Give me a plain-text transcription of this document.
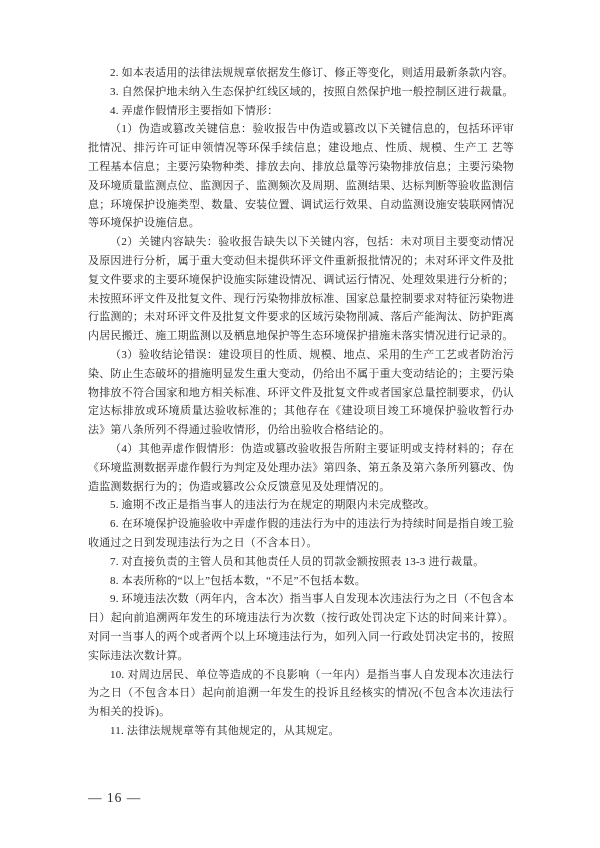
2. 如本表适用的法律法规规章依据发生修订、修正等变化，则适用最新条款内容。

3. 自然保护地未纳入生态保护红线区域的，按照自然保护地一般控制区进行裁量。

4. 弄虚作假情形主要指如下情形：

（1）伪造或篡改关键信息：验收报告中伪造或篡改以下关键信息的，包括环评审批情况、排污许可证申领情况等环保手续信息；建设地点、性质、规模、生产工 艺等工程基本信息；主要污染物种类、排放去向、排放总量等污染物排放信息；主要污染物及环境质量监测点位、监测因子、监测频次及周期、监测结果、达标判断等验收监测信息；环境保护设施类型、数量、安装位置、调试运行效果、自动监测设施安装联网情况等环境保护设施信息。

（2）关键内容缺失：验收报告缺失以下关键内容，包括：未对项目主要变动情况及原因进行分析，属于重大变动但未提供环评文件重新报批情况的；未对环评文件及批复文件要求的主要环境保护设施实际建设情况、调试运行情况、处理效果进行分析的；未按照环评文件及批复文件、现行污染物排放标准、国家总量控制要求对特征污染物进行监测的；未对环评文件及批复文件要求的区域污染物削减、落后产能淘汰、防护距离内居民搬迁、施工期监测以及栖息地保护等生态环境保护措施未落实情况进行记录的。

（3）验收结论错误：建设项目的性质、规模、地点、采用的生产工艺或者防治污染、防止生态破坏的措施明显发生重大变动，仍给出不属于重大变动结论的；主要污染物排放不符合国家和地方相关标准、环评文件及批复文件或者国家总量控制要求，仍认定达标排放或环境质量达验收标准的；其他存在《建设项目竣工环境保护验收暂行办法》第八条所列不得通过验收情形，仍给出验收合格结论的。

（4）其他弄虚作假情形：伪造或篡改验收报告所附主要证明或支持材料的；存在《环境监测数据弄虚作假行为判定及处理办法》第四条、第五条及第六条所列篡改、伪造监测数据行为的；伪造或篡改公众反馈意见及处理情况的。

5. 逾期不改正是指当事人的违法行为在规定的期限内未完成整改。

6. 在环境保护设施验收中弄虚作假的违法行为中的违法行为持续时间是指自竣工验收通过之日到发现违法行为之日（不含本日）。

7. 对直接负责的主管人员和其他责任人员的罚款金额按照表 13-3 进行裁量。

8. 本表所称的“以上”包括本数，“不足”不包括本数。

9. 环境违法次数（两年内，含本次）指当事人自发现本次违法行为之日（不包含本日）起向前追溯两年发生的环境违法行为次数（按行政处罚决定下达的时间来计算）。对同一当事人的两个或者两个以上环境违法行为，如列入同一行政处罚决定书的，按照实际违法次数计算。

10. 对周边居民、单位等造成的不良影响（一年内）是指当事人自发现本次违法行为之日（不包含本日）起向前追溯一年发生的投诉且经核实的情况(不包含本次违法行为相关的投诉)。

11. 法律法规规章等有其他规定的，从其规定。

— 16 —
